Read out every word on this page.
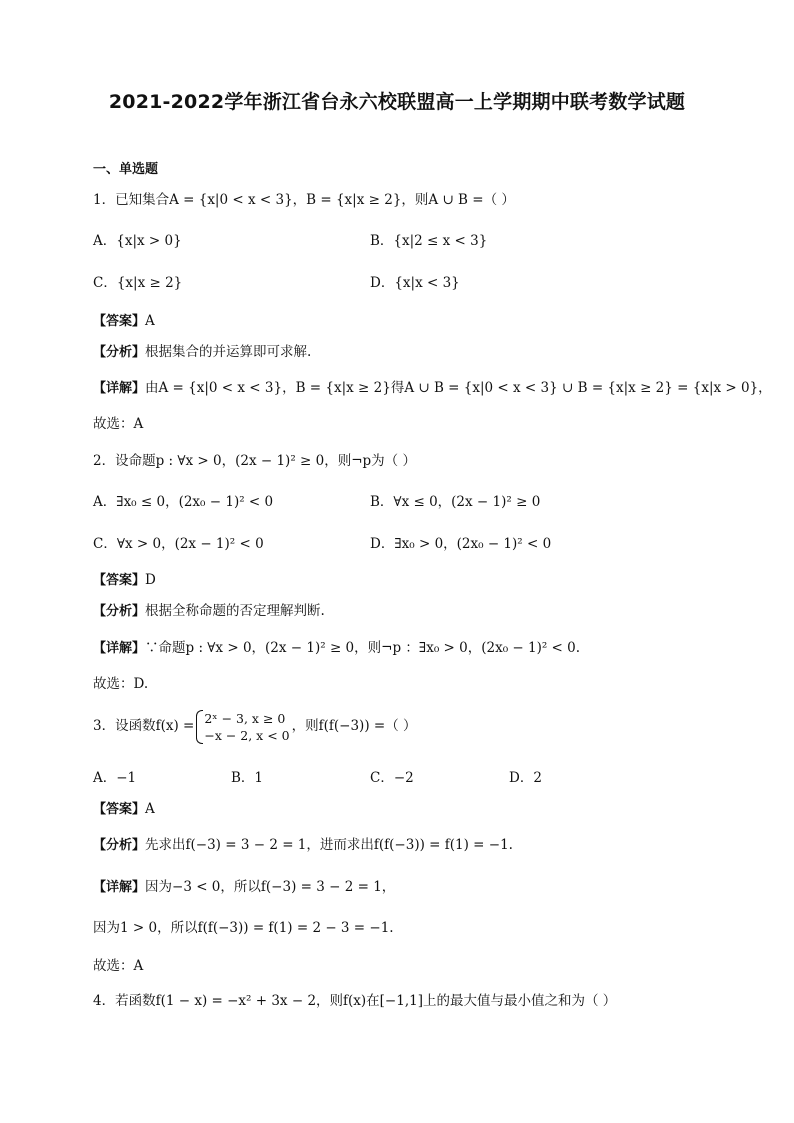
2021-2022学年浙江省台永六校联盟高一上学期期中联考数学试题
一、单选题
1．已知集合A = {x|0 < x < 3}，B = {x|x ≥ 2}，则A ∪ B =（ ）
A．{x|x > 0}	B．{x|2 ≤ x < 3}
C．{x|x ≥ 2}	D．{x|x < 3}
【答案】A
【分析】根据集合的并运算即可求解.
【详解】由A = {x|0 < x < 3}，B = {x|x ≥ 2}得A ∪ B = {x|0 < x < 3} ∪ B = {x|x ≥ 2} = {x|x > 0}，
故选：A
2．设命题p : ∀x > 0，(2x − 1)² ≥ 0，则¬p为（ ）
A．∃x₀ ≤ 0，(2x₀ − 1)² < 0	B．∀x ≤ 0，(2x − 1)² ≥ 0
C．∀x > 0，(2x − 1)² < 0	D．∃x₀ > 0，(2x₀ − 1)² < 0
【答案】D
【分析】根据全称命题的否定理解判断.
【详解】∵命题p : ∀x > 0，(2x − 1)² ≥ 0，则¬p ：∃x₀ > 0，(2x₀ − 1)² < 0.
故选：D.
3．设函数f(x) = 2ˣ − 3, x ≥ 0
−x − 2, x < 0
，则f(f(−3)) =（ ）
A．−1	B．1	C．−2	D．2
【答案】A
【分析】先求出f(−3) = 3 − 2 = 1，进而求出f(f(−3)) = f(1) = −1.
【详解】因为−3 < 0，所以f(−3) = 3 − 2 = 1，
因为1 > 0，所以f(f(−3)) = f(1) = 2 − 3 = −1.
故选：A
4．若函数f(1 − x) = −x² + 3x − 2，则f(x)在[−1,1]上的最大值与最小值之和为（ ）
